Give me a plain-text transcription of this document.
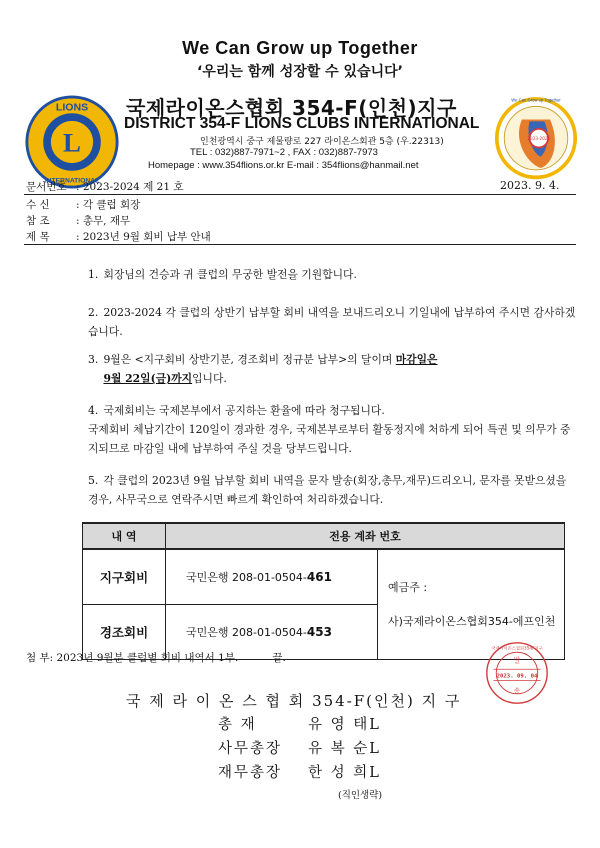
We Can Grow up Together
‘우리는 함께 성장할 수 있습니다’
L
LIONS
INTERNATIONAL
국제라이온스협회 354-F(인천)지구
DISTRICT 354-F LIONS CLUBS INTERNATIONAL
인천광역시 중구 제물량로 227 라이온스회관 5층 (우.22313)
TEL : 032)887-7971~2 , FAX : 032)887-7973
Homepage : www.354flions.or.kr E-mail : 354flions@hanmail.net
2023-2024
We Can Grow up Together
문서번호 : 2023-2024 제 21 호	2023. 9. 4.
수 신	: 각 클럽 회장
참 조	: 총무, 재무
제 목	: 2023년 9월 회비 납부 안내
1. 회장님의 건승과 귀 클럽의 무궁한 발전을 기원합니다.
2. 2023-2024 각 클럽의 상반기 납부할 회비 내역을 보내드리오니 기일내에 납부하여 주시면 감사하겠습니다.
3. 9월은 <지구회비 상반기분, 경조회비 정규분 납부>의 달이며 마감일은
9월 22일(금)까지입니다.
4. 국제회비는 국제본부에서 공지하는 환율에 따라 청구됩니다.
국제회비 체납기간이 120일이 경과한 경우, 국제본부로부터 활동정지에 처하게 되어 특권 및 의무가 중지되므로 마감일 내에 납부하여 주실 것을 당부드립니다.
5. 각 클럽의 2023년 9월 납부할 회비 내역을 문자 발송(회장,총무,재무)드리오니, 문자를 못받으셨을 경우, 사무국으로 연락주시면 빠르게 확인하여 처리하겠습니다.
내 역	전용 계좌 번호	
지구회비	국민은행 208-01-0504-461	예금주 :

사)국제라이온스협회354-에프인천
경조회비	국민은행 208-01-0504-453	
첨 부: 2023년 9월분 클럽별 회비 내역서 1부.	끝.
국제라이온스협회354F지구
발
2023. 09. 04
송
국 제 라 이 온 스 협 회 354-F(인천) 지 구
총 재	유 영 태L
사무총장 유 복 순L
재무총장 한 성 희L
(직인생략)
